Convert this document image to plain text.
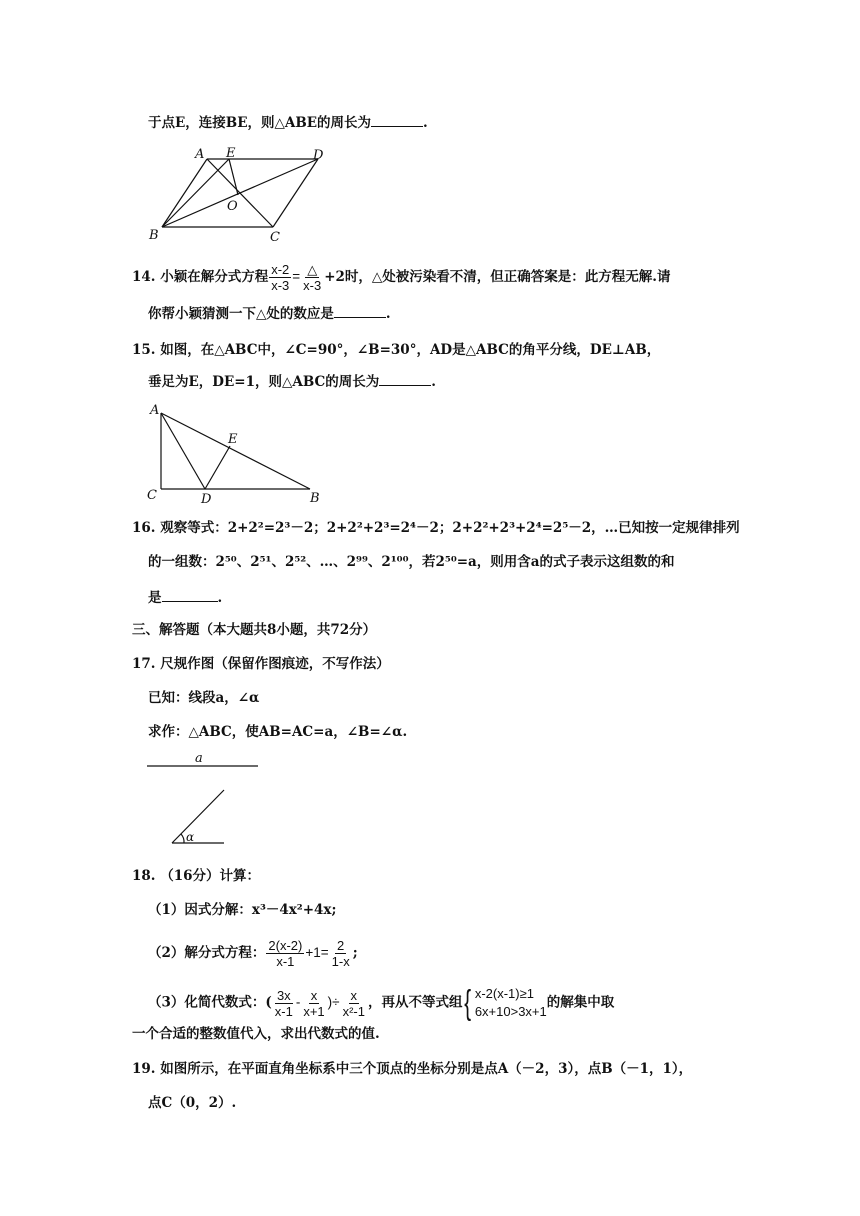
于点E，连接BE，则△ABE的周长为	.
A E	D
O
B	C
14. 小颖在解分式方程 $\frac{x-2}{x-3} = \frac{\triangle}{x-3} +2$时，△处被污染看不清，但正确答案是：此方程无解.请
你帮小颖猜测一下△处的数应是	.
15. 如图，在△ABC中，∠C=90°，∠B=30°，AD是△ABC的角平分线，DE⊥AB，
垂足为E，DE=1，则△ABC的周长为	.
A
E
C	D	B
16. 观察等式：2+2²=2³－2；2+2²+2³=2⁴－2；2+2²+2³+2⁴=2⁵－2，…已知按一定规律排列
的一组数：2⁵⁰、2⁵¹、2⁵²、…、2⁹⁹、2¹⁰⁰，若2⁵⁰=a，则用含a的式子表示这组数的和
是	.
三、解答题（本大题共8小题，共72分）
17. 尺规作图（保留作图痕迹，不写作法）
已知：线段a，∠α
求作：△ABC，使AB=AC=a，∠B=∠α.
a
α
18. （16分）计算：
（1）因式分解：x³－4x²+4x;
（2）解分式方程： $\frac{2(x-2)}{x-1} +1= \frac{2}{1-x}$ ;
（3）化简代数式：( $\frac{3x}{x-1} - \frac{x}{x+1}$ )÷ $\frac{x}{\text{x²-1}}$ ，再从不等式组 { x-2(x-1)≥1
6x+10>3x+1
的解集中取
一个合适的整数值代入，求出代数式的值.
19. 如图所示，在平面直角坐标系中三个顶点的坐标分别是点A（－2，3），点B（－1，1），
点C（0，2）.
